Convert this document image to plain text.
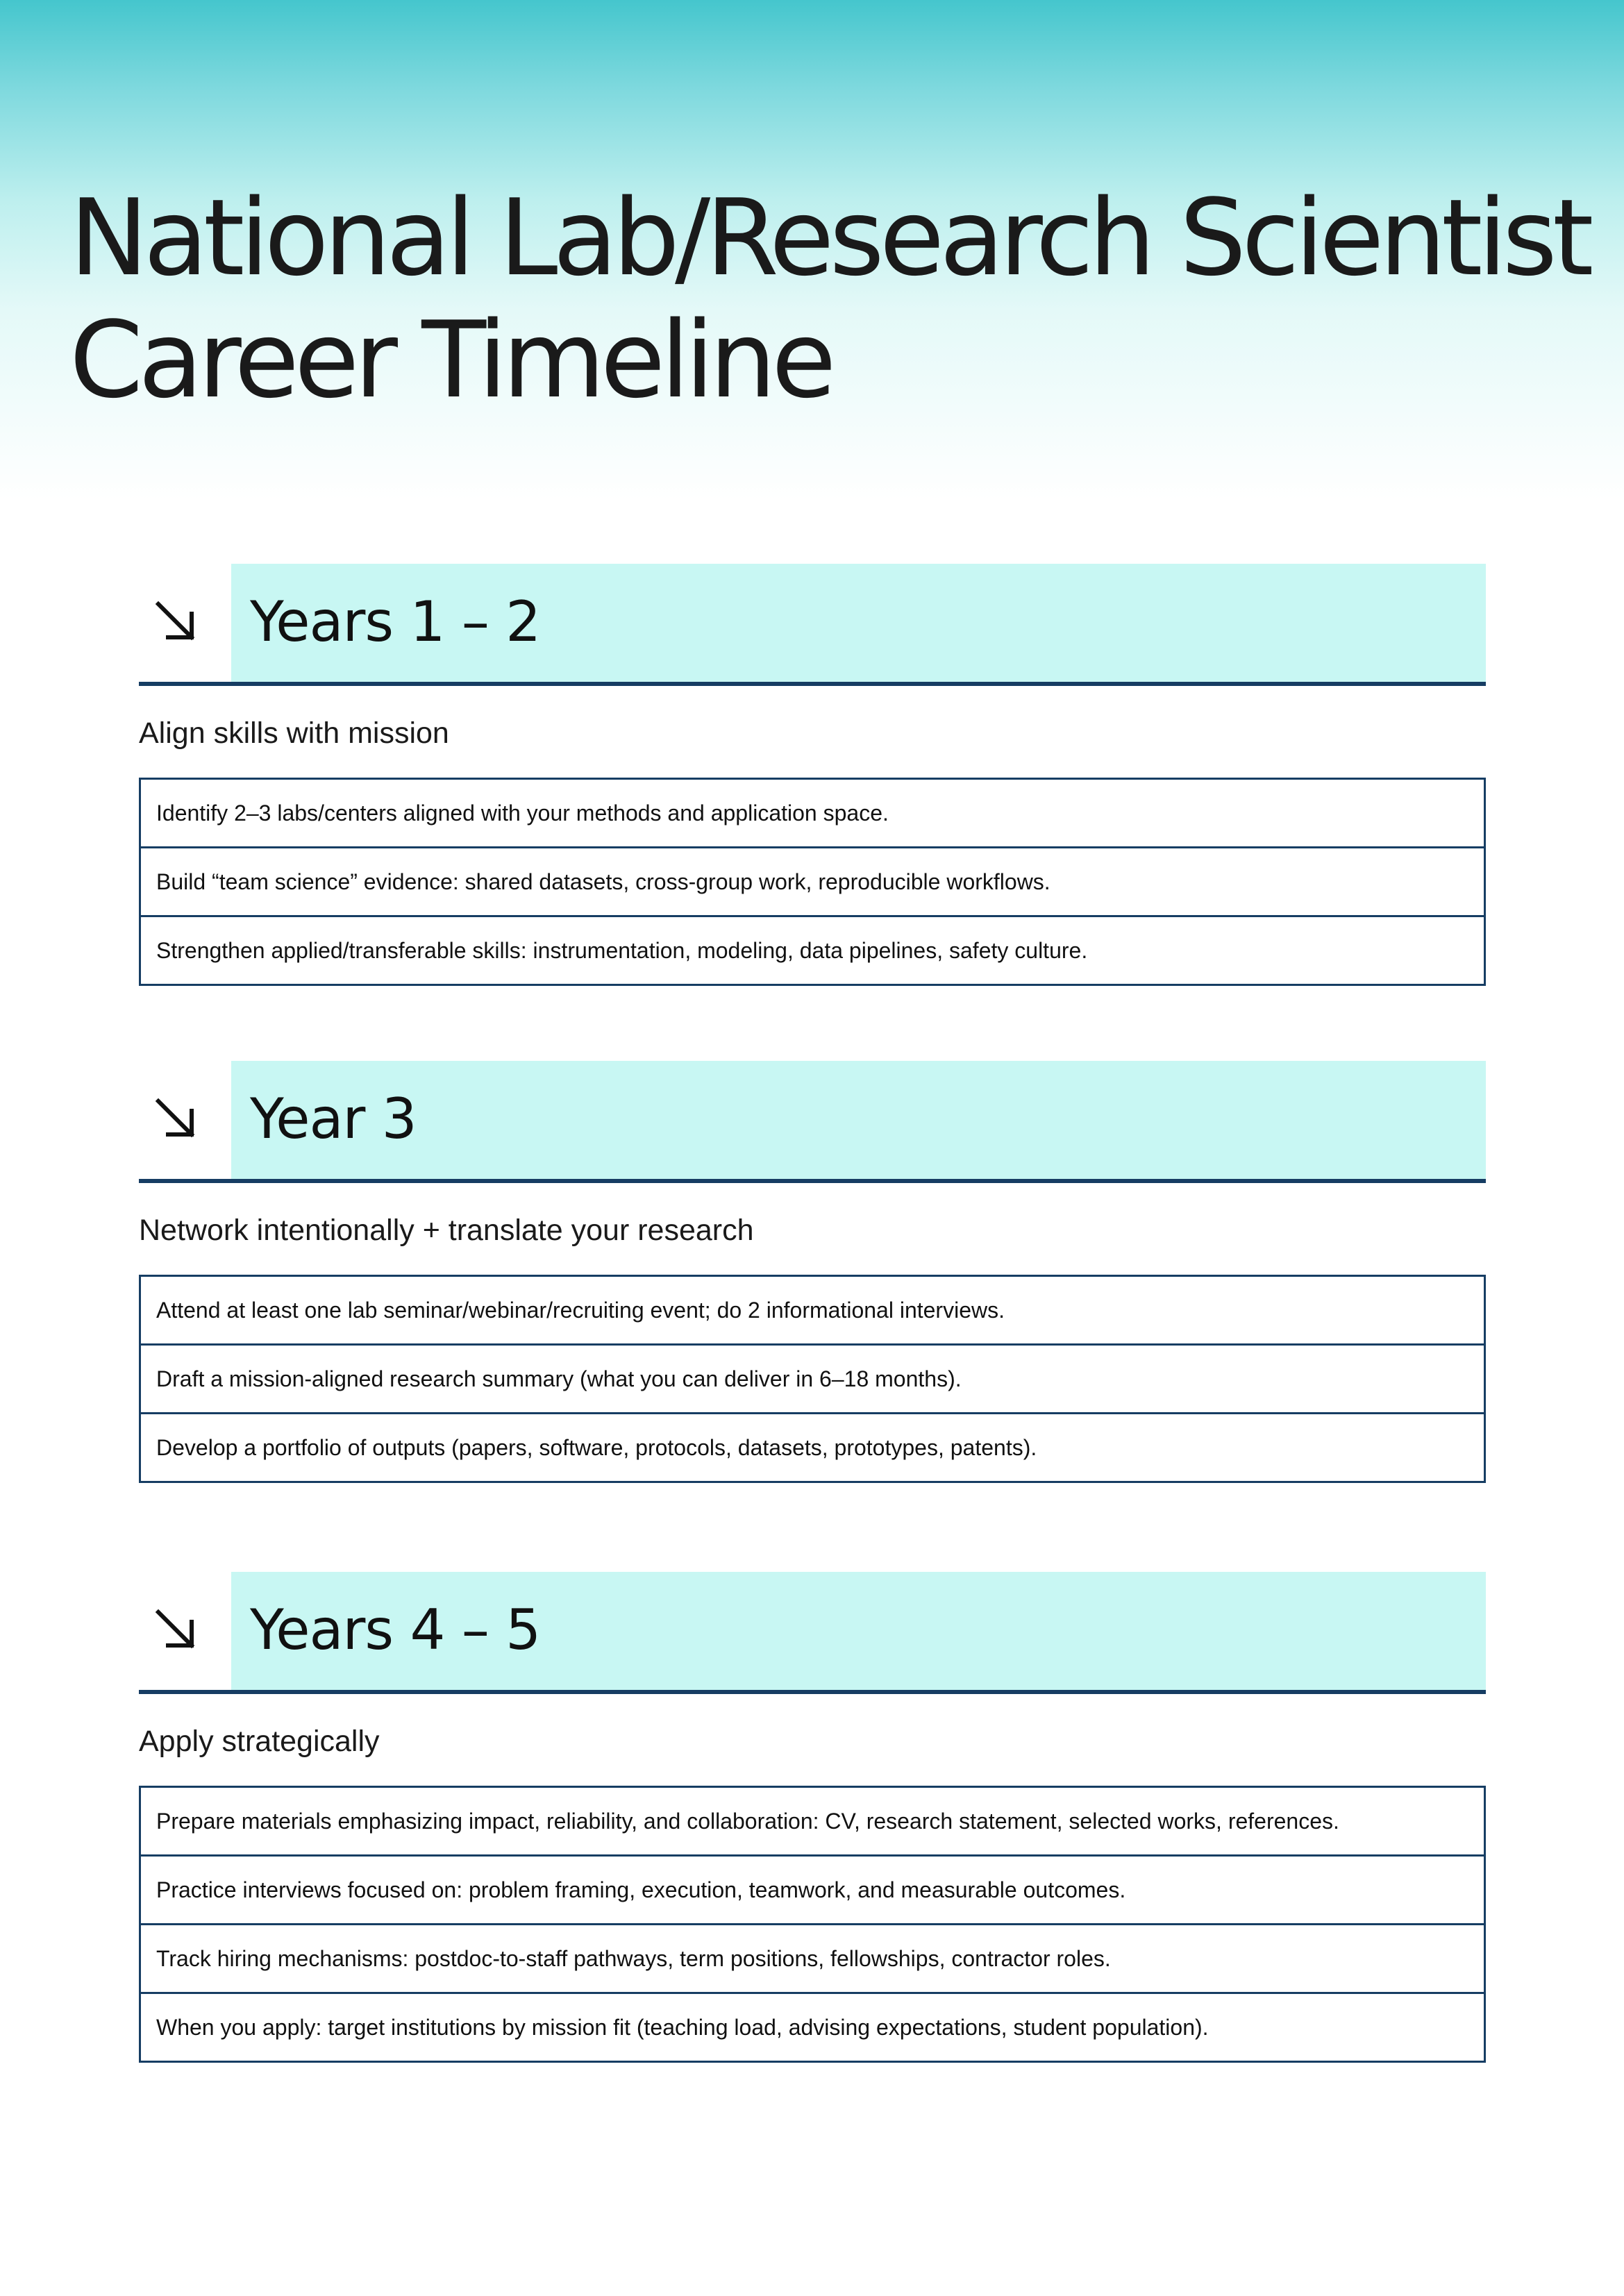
National Lab/Research Scientist
Career Timeline
Years 1 – 2
Align skills with mission
Identify 2–3 labs/centers aligned with your methods and application space.
Build “team science” evidence: shared datasets, cross-group work, reproducible workflows.
Strengthen applied/transferable skills: instrumentation, modeling, data pipelines, safety culture.
Year 3
Network intentionally + translate your research
Attend at least one lab seminar/webinar/recruiting event; do 2 informational interviews.
Draft a mission-aligned research summary (what you can deliver in 6–18 months).
Develop a portfolio of outputs (papers, software, protocols, datasets, prototypes, patents).
Years 4 – 5
Apply strategically
Prepare materials emphasizing impact, reliability, and collaboration: CV, research statement, selected works, references.
Practice interviews focused on: problem framing, execution, teamwork, and measurable outcomes.
Track hiring mechanisms: postdoc-to-staff pathways, term positions, fellowships, contractor roles.
When you apply: target institutions by mission fit (teaching load, advising expectations, student population).
